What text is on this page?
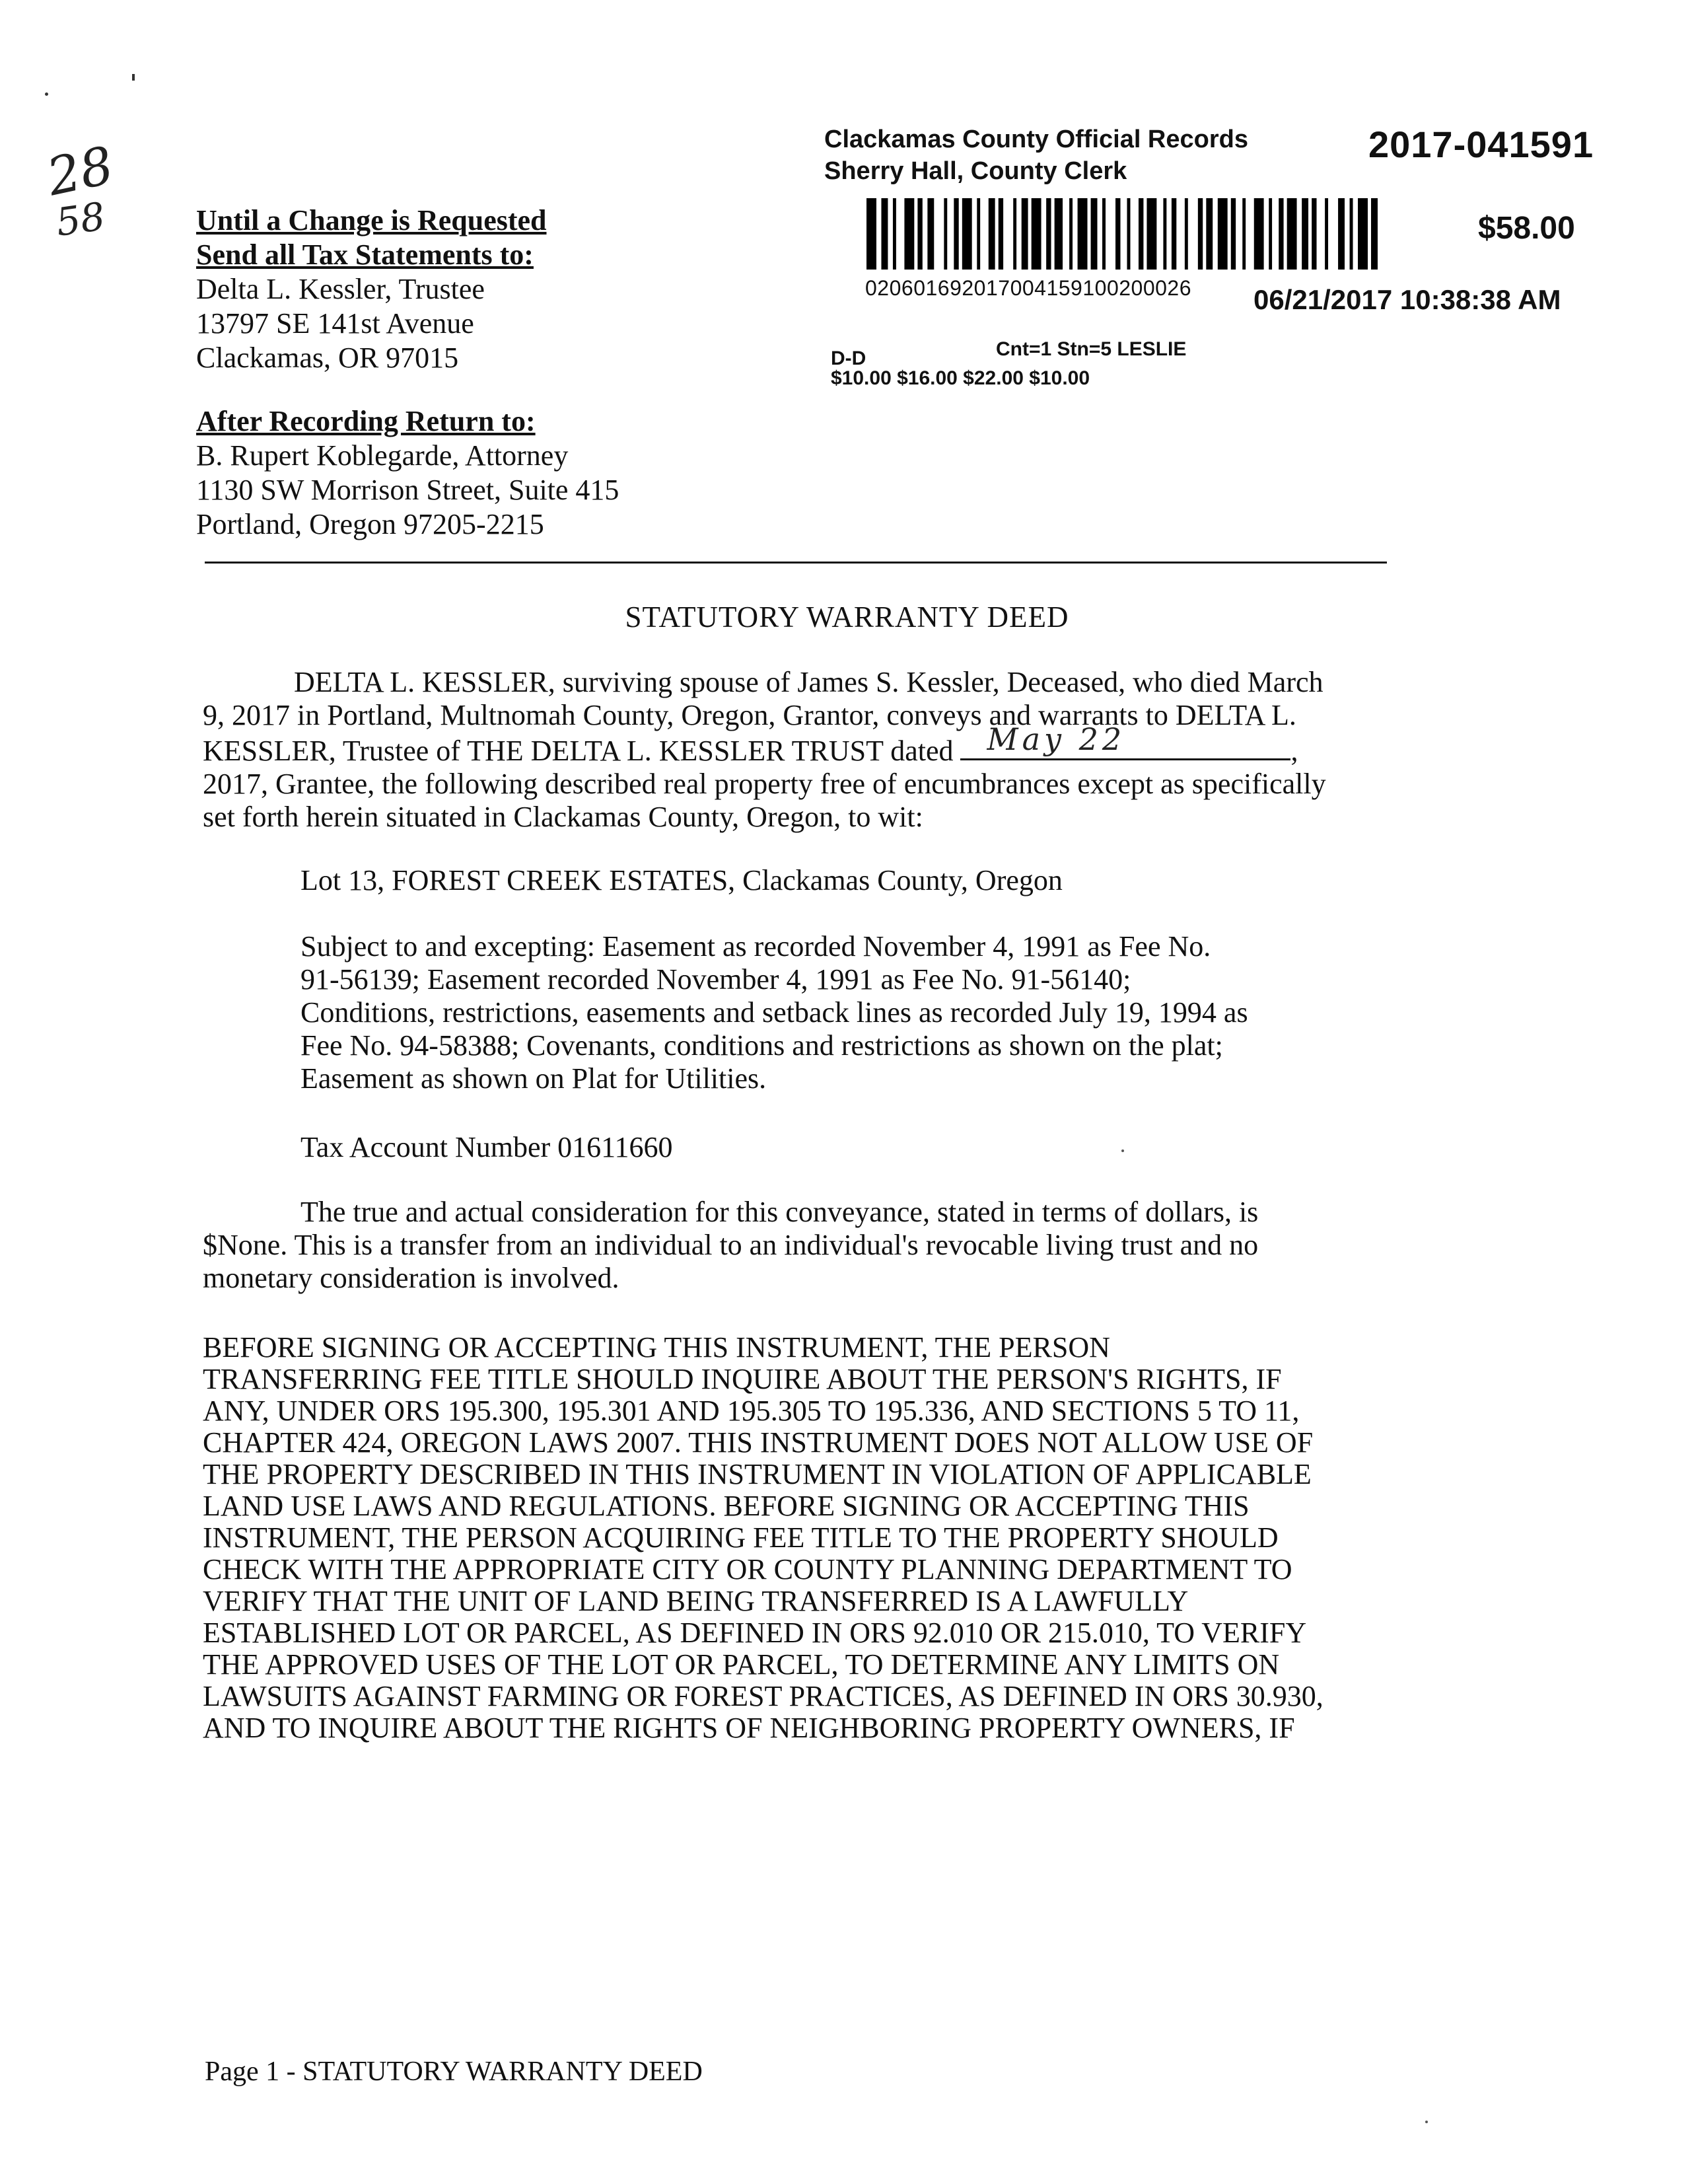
28
58
Clackamas County Official Records
Sherry Hall, County Clerk
2017-041591
$58.00
020601692017004159100200026 06/21/2017 10:38:38 AM
D-D	Cnt=1 Stn=5 LESLIE
$10.00 $16.00 $22.00 $10.00
Until a Change is Requested
Send all Tax Statements to:
Delta L. Kessler, Trustee
13797 SE 141st Avenue
Clackamas, OR 97015
After Recording Return to:
B. Rupert Koblegarde, Attorney
1130 SW Morrison Street, Suite 415
Portland, Oregon 97205-2215
STATUTORY WARRANTY DEED
DELTA L. KESSLER, surviving spouse of James S. Kessler, Deceased, who died March
9, 2017 in Portland, Multnomah County, Oregon, Grantor, conveys and warrants to DELTA L.
KESSLER, Trustee of THE DELTA L. KESSLER TRUST dated May 22	,
2017, Grantee, the following described real property free of encumbrances except as specifically
set forth herein situated in Clackamas County, Oregon, to wit:
Lot 13, FOREST CREEK ESTATES, Clackamas County, Oregon
Subject to and excepting: Easement as recorded November 4, 1991 as Fee No.
91-56139; Easement recorded November 4, 1991 as Fee No. 91-56140;
Conditions, restrictions, easements and setback lines as recorded July 19, 1994 as
Fee No. 94-58388; Covenants, conditions and restrictions as shown on the plat;
Easement as shown on Plat for Utilities.
Tax Account Number 01611660
The true and actual consideration for this conveyance, stated in terms of dollars, is
$None. This is a transfer from an individual to an individual's revocable living trust and no
monetary consideration is involved.
BEFORE SIGNING OR ACCEPTING THIS INSTRUMENT, THE PERSON
TRANSFERRING FEE TITLE SHOULD INQUIRE ABOUT THE PERSON'S RIGHTS, IF
ANY, UNDER ORS 195.300, 195.301 AND 195.305 TO 195.336, AND SECTIONS 5 TO 11,
CHAPTER 424, OREGON LAWS 2007. THIS INSTRUMENT DOES NOT ALLOW USE OF
THE PROPERTY DESCRIBED IN THIS INSTRUMENT IN VIOLATION OF APPLICABLE
LAND USE LAWS AND REGULATIONS. BEFORE SIGNING OR ACCEPTING THIS
INSTRUMENT, THE PERSON ACQUIRING FEE TITLE TO THE PROPERTY SHOULD
CHECK WITH THE APPROPRIATE CITY OR COUNTY PLANNING DEPARTMENT TO
VERIFY THAT THE UNIT OF LAND BEING TRANSFERRED IS A LAWFULLY
ESTABLISHED LOT OR PARCEL, AS DEFINED IN ORS 92.010 OR 215.010, TO VERIFY
THE APPROVED USES OF THE LOT OR PARCEL, TO DETERMINE ANY LIMITS ON
LAWSUITS AGAINST FARMING OR FOREST PRACTICES, AS DEFINED IN ORS 30.930,
AND TO INQUIRE ABOUT THE RIGHTS OF NEIGHBORING PROPERTY OWNERS, IF
Page 1 - STATUTORY WARRANTY DEED
